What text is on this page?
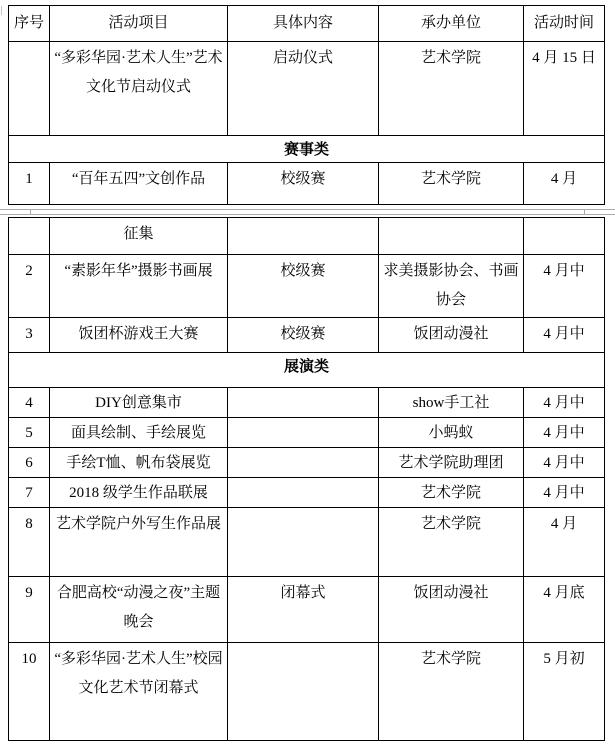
序号	活动项目	具体内容	承办单位	活动时间
	“多彩华园·艺术人生”艺术文化节启动仪式	启动仪式	艺术学院	4 月 15 日
赛事类				
1	“百年五四”文创作品	校级赛	艺术学院	4 月
	征集			
2	“素影年华”摄影书画展	校级赛	求美摄影协会、书画协会	4 月中
3	饭团杯游戏王大赛	校级赛	饭团动漫社	4 月中
展演类				
4	DIY创意集市		show手工社	4 月中
5	面具绘制、手绘展览		小蚂蚁	4 月中
6	手绘T恤、帆布袋展览		艺术学院助理团	4 月中
7	2018 级学生作品联展		艺术学院	4 月中
8	艺术学院户外写生作品展		艺术学院	4 月
9	合肥高校“动漫之夜”主题晚会	闭幕式	饭团动漫社	4 月底
10	“多彩华园·艺术人生”校园文化艺术节闭幕式		艺术学院	5 月初
